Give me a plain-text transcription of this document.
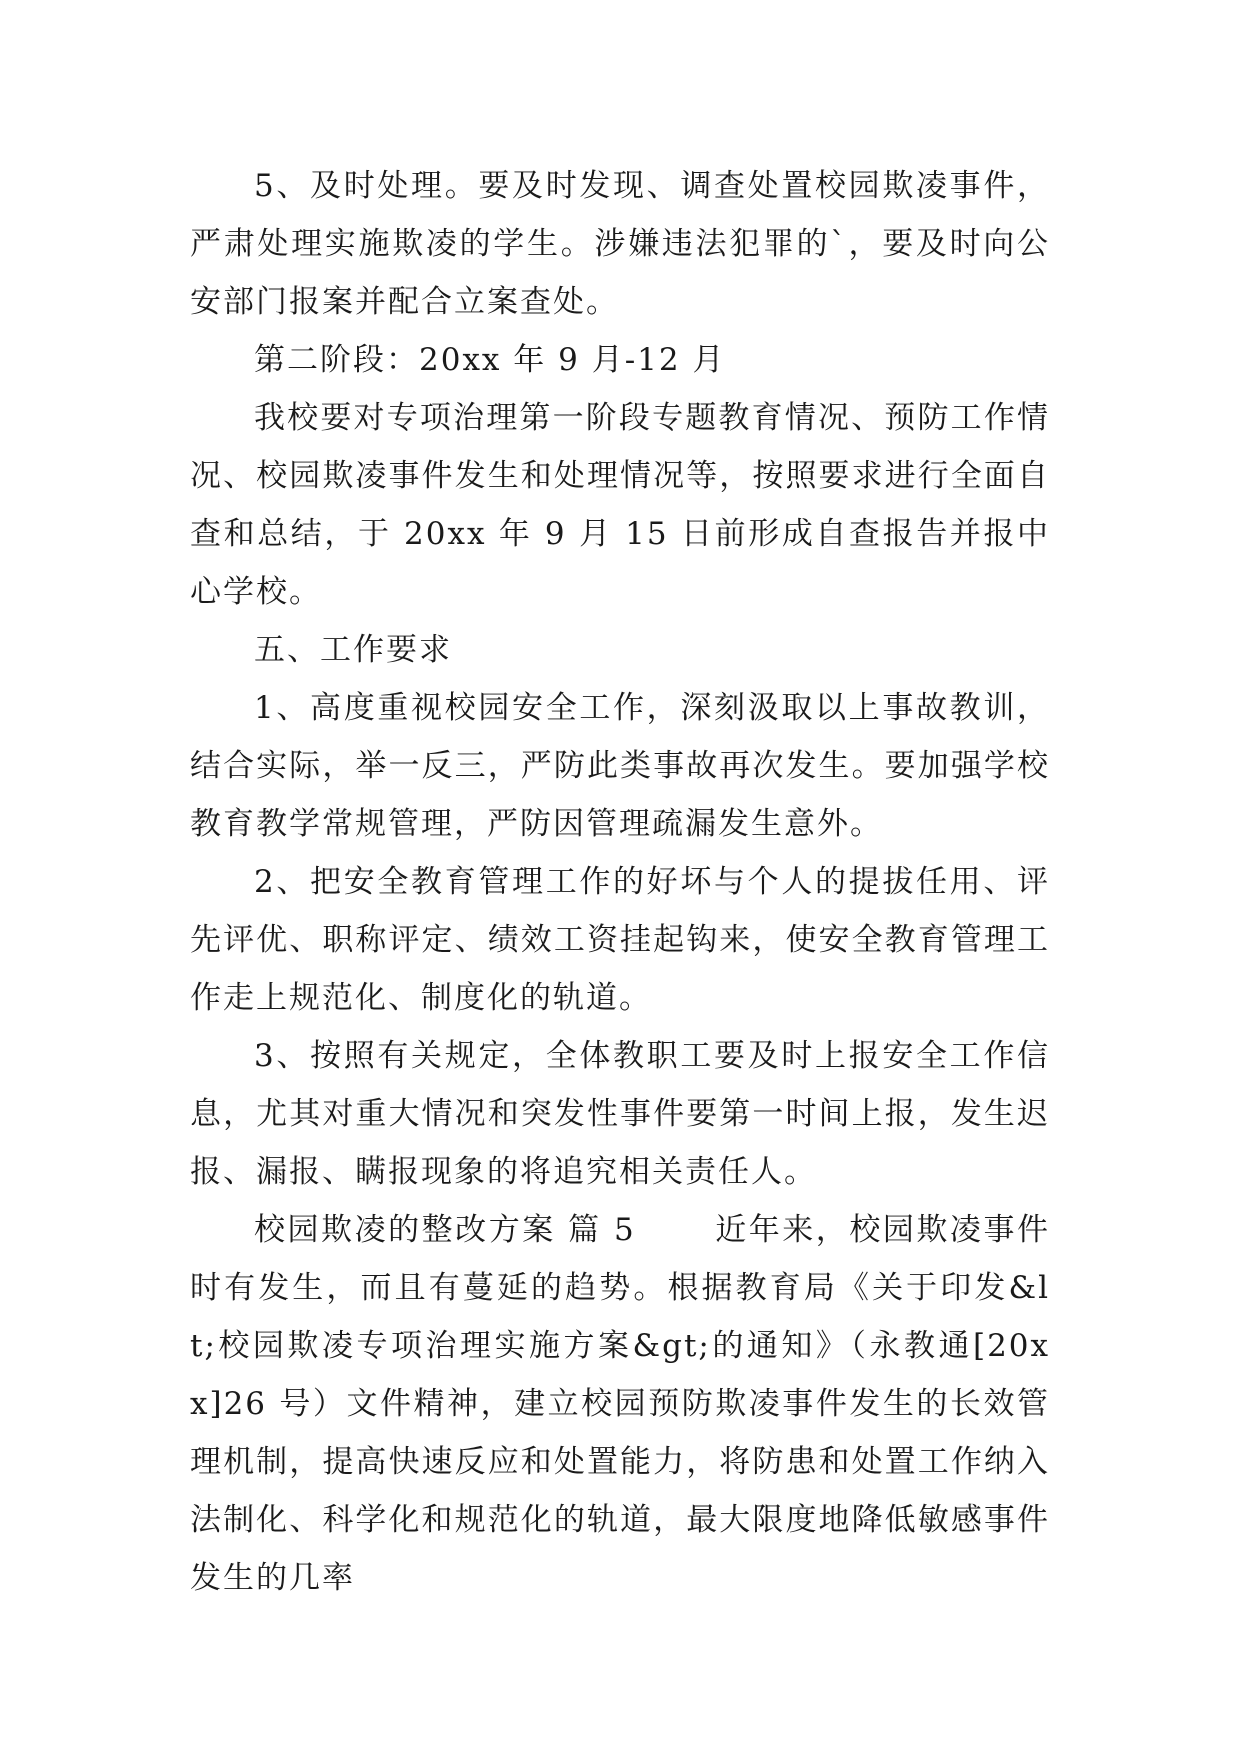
5、及时处理。要及时发现、调查处置校园欺凌事件，严肃处理实施欺凌的学生。涉嫌违法犯罪的`，要及时向公安部门报案并配合立案查处。

第二阶段：20xx 年 9 月-12 月

我校要对专项治理第一阶段专题教育情况、预防工作情况、校园欺凌事件发生和处理情况等，按照要求进行全面自查和总结，于 20xx 年 9 月 15 日前形成自查报告并报中心学校。

五、工作要求

1、高度重视校园安全工作，深刻汲取以上事故教训，结合实际，举一反三，严防此类事故再次发生。要加强学校教育教学常规管理，严防因管理疏漏发生意外。

2、把安全教育管理工作的好坏与个人的提拔任用、评先评优、职称评定、绩效工资挂起钩来，使安全教育管理工作走上规范化、制度化的轨道。

3、按照有关规定，全体教职工要及时上报安全工作信息，尤其对重大情况和突发性事件要第一时间上报，发生迟报、漏报、瞒报现象的将追究相关责任人。

校园欺凌的整改方案 篇 5 　　近年来，校园欺凌事件时有发生，而且有蔓延的趋势。根据教育局《关于印发&lt;校园欺凌专项治理实施方案&gt;的通知》（永教通[20xx]26 号）文件精神，建立校园预防欺凌事件发生的长效管理机制，提高快速反应和处置能力，将防患和处置工作纳入法制化、科学化和规范化的轨道，最大限度地降低敏感事件发生的几率
